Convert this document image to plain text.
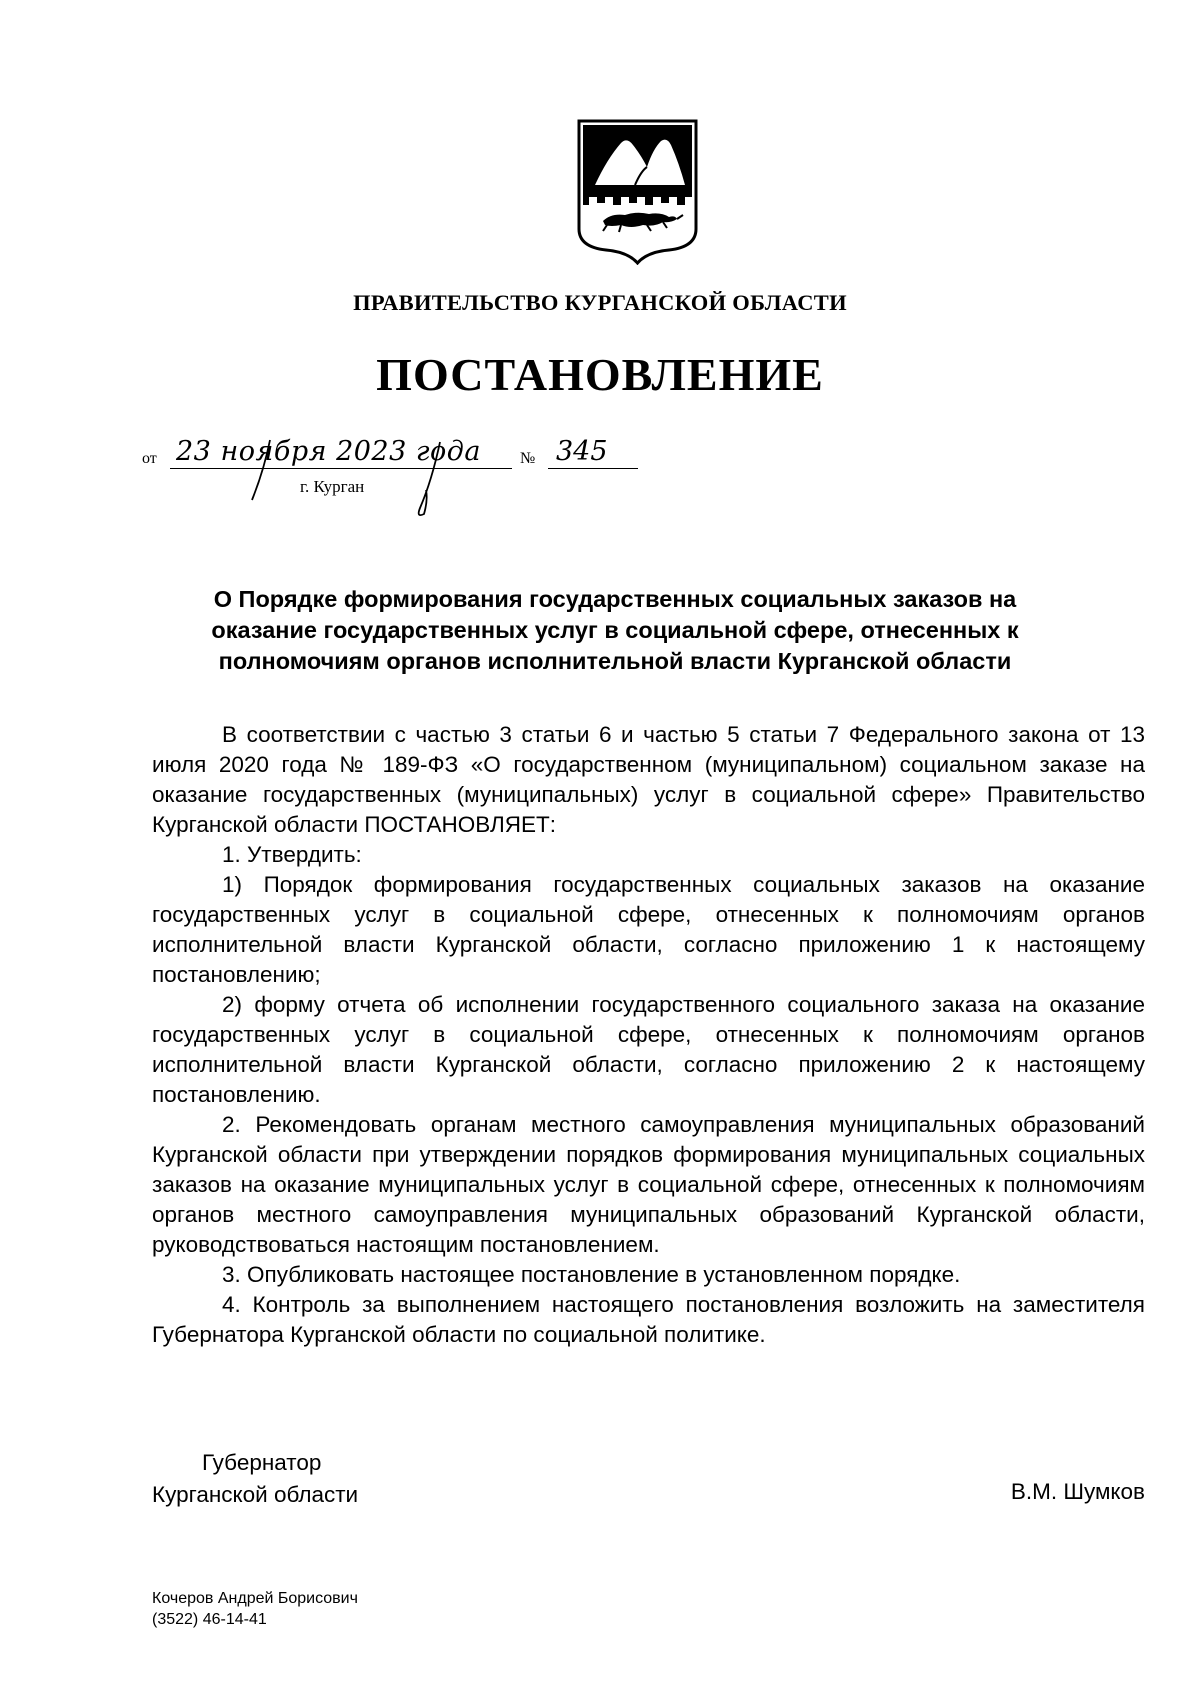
ПРАВИТЕЛЬСТВО КУРГАНСКОЙ ОБЛАСТИ
ПОСТАНОВЛЕНИЕ
от 23 ноября 2023 года № 345
г. Курган
О Порядке формирования государственных социальных заказов на
оказание государственных услуг в социальной сфере, отнесенных к
полномочиям органов исполнительной власти Курганской области

В соответствии с частью 3 статьи 6 и частью 5 статьи 7 Федерального закона от 13 июля 2020 года № 189-ФЗ «О государственном (муниципальном) социальном заказе на оказание государственных (муниципальных) услуг в социальной сфере» Правительство Курганской области ПОСТАНОВЛЯЕТ:

1. Утвердить:

1) Порядок формирования государственных социальных заказов на оказание государственных услуг в социальной сфере, отнесенных к полномочиям органов исполнительной власти Курганской области, согласно приложению 1 к настоящему постановлению;

2) форму отчета об исполнении государственного социального заказа на оказание государственных услуг в социальной сфере, отнесенных к полномочиям органов исполнительной власти Курганской области, согласно приложению 2 к настоящему постановлению.

2. Рекомендовать органам местного самоуправления муниципальных образований Курганской области при утверждении порядков формирования муниципальных социальных заказов на оказание муниципальных услуг в социальной сфере, отнесенных к полномочиям органов местного самоуправления муниципальных образований Курганской области, руководствоваться настоящим постановлением.

3. Опубликовать настоящее постановление в установленном порядке.

4. Контроль за выполнением настоящего постановления возложить на заместителя Губернатора Курганской области по социальной политике.

Губернатор
Курганской области	В.М. Шумков
Кочеров Андрей Борисович
(3522) 46-14-41
